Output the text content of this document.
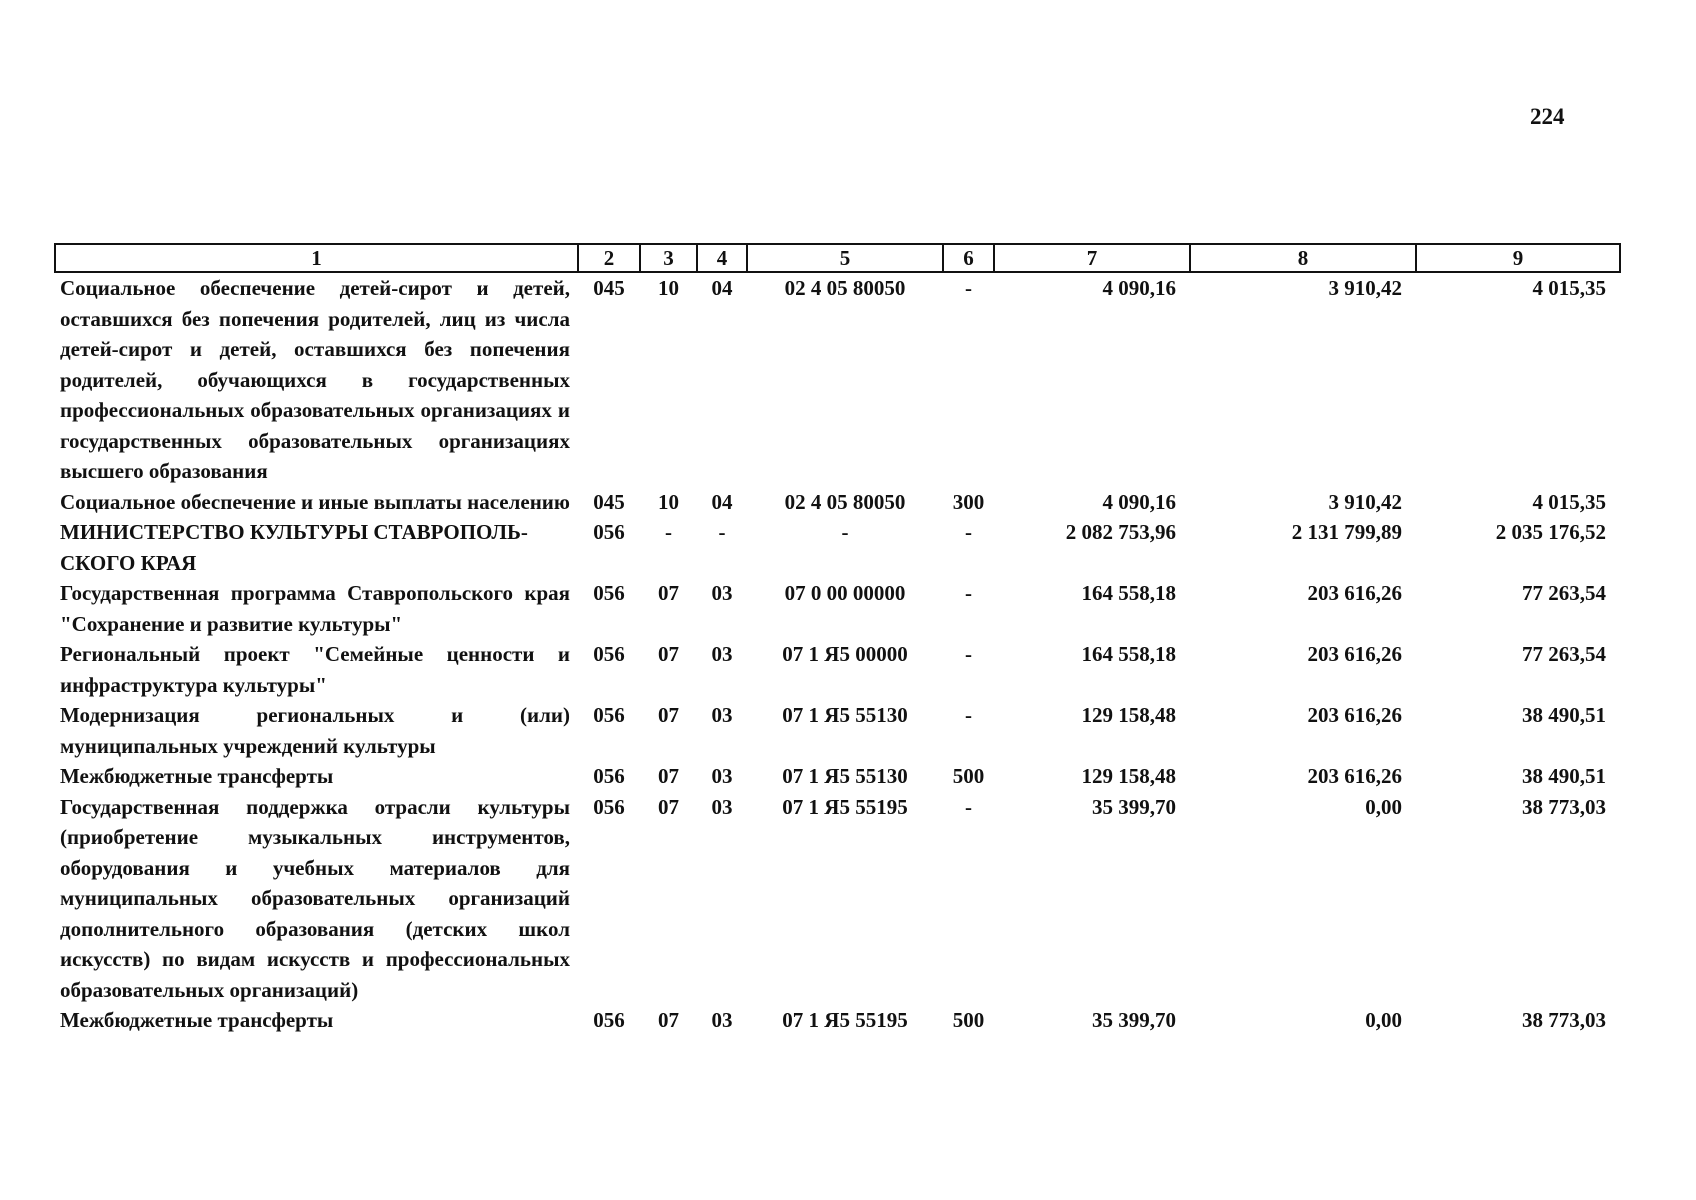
224
1	2	3	4	5	6	7	8	9
Социальное обеспечение детей-сирот и детей, оставшихся без попечения родителей, лиц из числа детей-сирот и детей, оставшихся без попечения родителей, обучающихся в государственных профессиональных образовательных организациях и государственных образовательных организациях высшего образования	045	10	04	02 4 05 80050	-	4 090,16	3 910,42	4 015,35
Социальное обеспечение и иные выплаты населению	045	10	04	02 4 05 80050	300	4 090,16	3 910,42	4 015,35
МИНИСТЕРСТВО КУЛЬТУРЫ СТАВРОПОЛЬ-СКОГО КРАЯ	056	-	-	-	-	2 082 753,96	2 131 799,89	2 035 176,52
Государственная программа Ставропольского края "Сохранение и развитие культуры"	056	07	03	07 0 00 00000	-	164 558,18	203 616,26	77 263,54
Региональный проект "Семейные ценности и инфраструктура культуры"	056	07	03	07 1 Я5 00000	-	164 558,18	203 616,26	77 263,54
Модернизация региональных и (или) муниципальных учреждений культуры	056	07	03	07 1 Я5 55130	-	129 158,48	203 616,26	38 490,51
Межбюджетные трансферты	056	07	03	07 1 Я5 55130	500	129 158,48	203 616,26	38 490,51
Государственная поддержка отрасли культуры (приобретение музыкальных инструментов, оборудования и учебных материалов для муниципальных образовательных организаций дополнительного образования (детских школ искусств) по видам искусств и профессиональных образовательных организаций)	056	07	03	07 1 Я5 55195	-	35 399,70	0,00	38 773,03
Межбюджетные трансферты	056	07	03	07 1 Я5 55195	500	35 399,70	0,00	38 773,03
